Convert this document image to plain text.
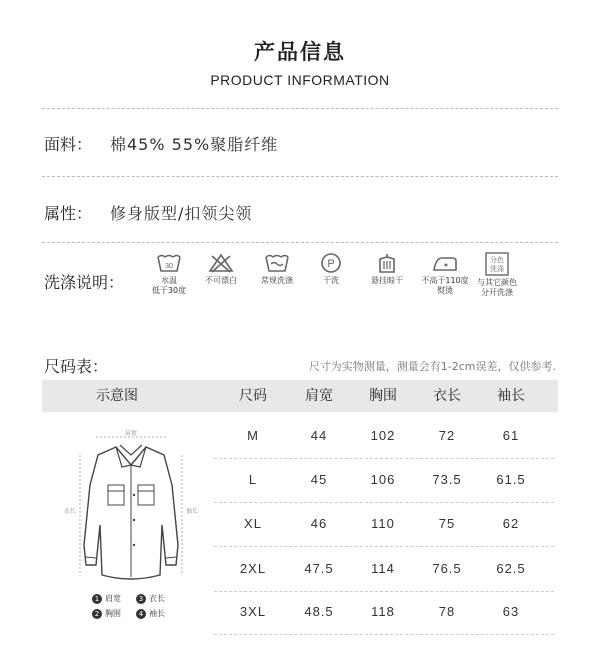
产品信息
PRODUCT INFORMATION
面料： 棉45% 55%聚脂纤维
属性： 修身版型/扣领尖领
洗涤说明：
30
水温
低于30度
不可漂白	常规洗涤
P
干洗	悬挂晾干	不高于110度
熨烫
分色
洗涤
与其它颜色
分开洗涤
尺码表：	尺寸为实物测量，测量会有1-2cm误差，仅供参考.
示意图	尺码	肩宽	胸围	衣长	袖长
M	44	102	72	61
L	45	106	73.5	61.5
XL	46	110	75	62
2XL	47.5	114	76.5	62.5
3XL	48.5	118	78	63
肩宽
衣长	袖长
1 肩宽	3 衣长
2 胸围	4 袖长
